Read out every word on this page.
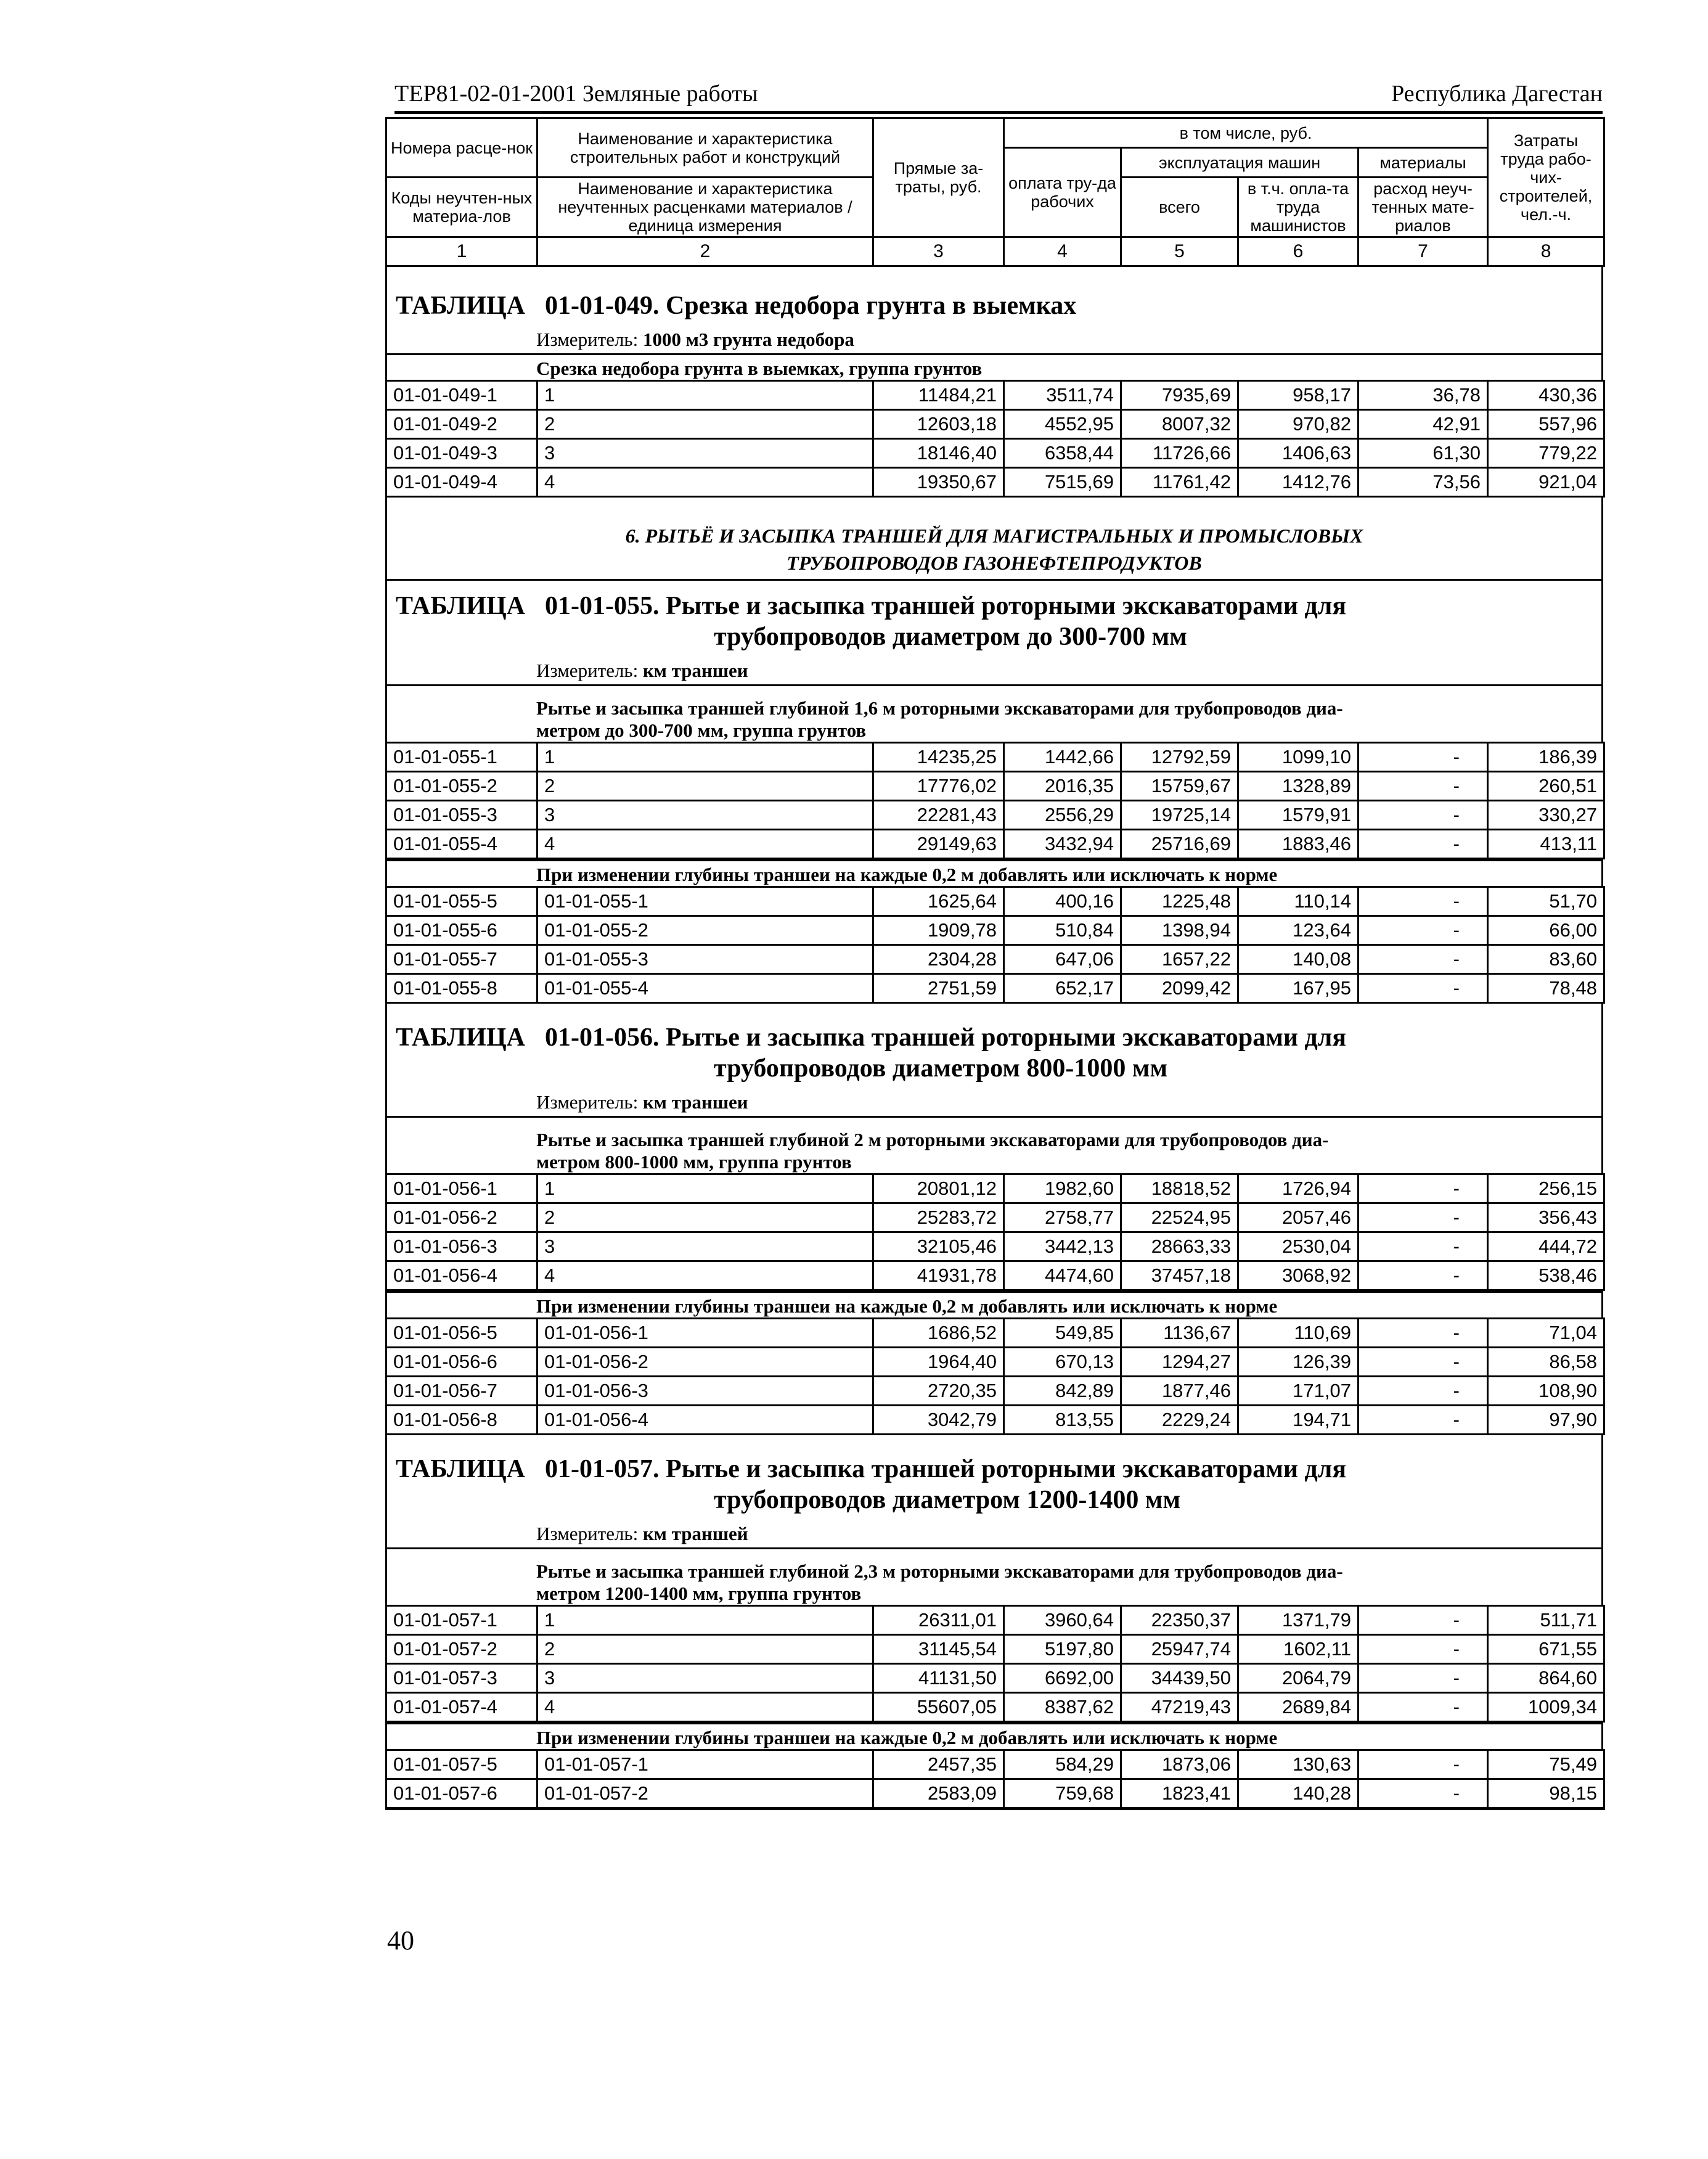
ТЕР81-02-01-2001 Земляные работы	Республика Дагестан
Номера расце-нок	Наименование и характеристика строительных работ и конструкций	Прямые за-траты, руб.	в том числе, руб.				Затраты труда рабо-чих-строителей, чел.-ч.
			оплата тру-да рабочих	эксплуатация машин		материалы	
Коды неучтен-ных материа-лов	Наименование и характеристика неучтенных расценками материалов / единица измерения			всего	в т.ч. опла-та труда машинистов	расход неуч-тенных мате-риалов	

1	2	3	4	5	6	7	8
ТАБЛИЦА 01-01-049. Срезка недобора грунта в выемках
Измеритель: 1000 м3 грунта недобора
Срезка недобора грунта в выемках, группа грунтов
01-01-049-1	1	11484,21	3511,74	7935,69	958,17	36,78	430,36
01-01-049-2	2	12603,18	4552,95	8007,32	970,82	42,91	557,96
01-01-049-3	3	18146,40	6358,44	11726,66	1406,63	61,30	779,22
01-01-049-4	4	19350,67	7515,69	11761,42	1412,76	73,56	921,04
6. РЫТЬЁ И ЗАСЫПКА ТРАНШЕЙ ДЛЯ МАГИСТРАЛЬНЫХ И ПРОМЫСЛОВЫХ
ТРУБОПРОВОДОВ ГАЗОНЕФТЕПРОДУКТОВ
ТАБЛИЦА 01-01-055. Рытье и засыпка траншей роторными экскаваторами для
трубопроводов диаметром до 300-700 мм
Измеритель: км траншеи
Рытье и засыпка траншей глубиной 1,6 м роторными экскаваторами для трубопроводов диа-
метром до 300-700 мм, группа грунтов
01-01-055-1	1	14235,25	1442,66	12792,59	1099,10	-	186,39
01-01-055-2	2	17776,02	2016,35	15759,67	1328,89	-	260,51
01-01-055-3	3	22281,43	2556,29	19725,14	1579,91	-	330,27
01-01-055-4	4	29149,63	3432,94	25716,69	1883,46	-	413,11
При изменении глубины траншеи на каждые 0,2 м добавлять или исключать к норме
01-01-055-5	01-01-055-1	1625,64	400,16	1225,48	110,14	-	51,70
01-01-055-6	01-01-055-2	1909,78	510,84	1398,94	123,64	-	66,00
01-01-055-7	01-01-055-3	2304,28	647,06	1657,22	140,08	-	83,60
01-01-055-8	01-01-055-4	2751,59	652,17	2099,42	167,95	-	78,48
ТАБЛИЦА 01-01-056. Рытье и засыпка траншей роторными экскаваторами для
трубопроводов диаметром 800-1000 мм
Измеритель: км траншеи
Рытье и засыпка траншей глубиной 2 м роторными экскаваторами для трубопроводов диа-
метром 800-1000 мм, группа грунтов
01-01-056-1	1	20801,12	1982,60	18818,52	1726,94	-	256,15
01-01-056-2	2	25283,72	2758,77	22524,95	2057,46	-	356,43
01-01-056-3	3	32105,46	3442,13	28663,33	2530,04	-	444,72
01-01-056-4	4	41931,78	4474,60	37457,18	3068,92	-	538,46
При изменении глубины траншеи на каждые 0,2 м добавлять или исключать к норме
01-01-056-5	01-01-056-1	1686,52	549,85	1136,67	110,69	-	71,04
01-01-056-6	01-01-056-2	1964,40	670,13	1294,27	126,39	-	86,58
01-01-056-7	01-01-056-3	2720,35	842,89	1877,46	171,07	-	108,90
01-01-056-8	01-01-056-4	3042,79	813,55	2229,24	194,71	-	97,90
ТАБЛИЦА 01-01-057. Рытье и засыпка траншей роторными экскаваторами для
трубопроводов диаметром 1200-1400 мм
Измеритель: км траншей
Рытье и засыпка траншей глубиной 2,3 м роторными экскаваторами для трубопроводов диа-
метром 1200-1400 мм, группа грунтов
01-01-057-1	1	26311,01	3960,64	22350,37	1371,79	-	511,71
01-01-057-2	2	31145,54	5197,80	25947,74	1602,11	-	671,55
01-01-057-3	3	41131,50	6692,00	34439,50	2064,79	-	864,60
01-01-057-4	4	55607,05	8387,62	47219,43	2689,84	-	1009,34
При изменении глубины траншеи на каждые 0,2 м добавлять или исключать к норме
01-01-057-5	01-01-057-1	2457,35	584,29	1873,06	130,63	-	75,49
01-01-057-6	01-01-057-2	2583,09	759,68	1823,41	140,28	-	98,15
40
